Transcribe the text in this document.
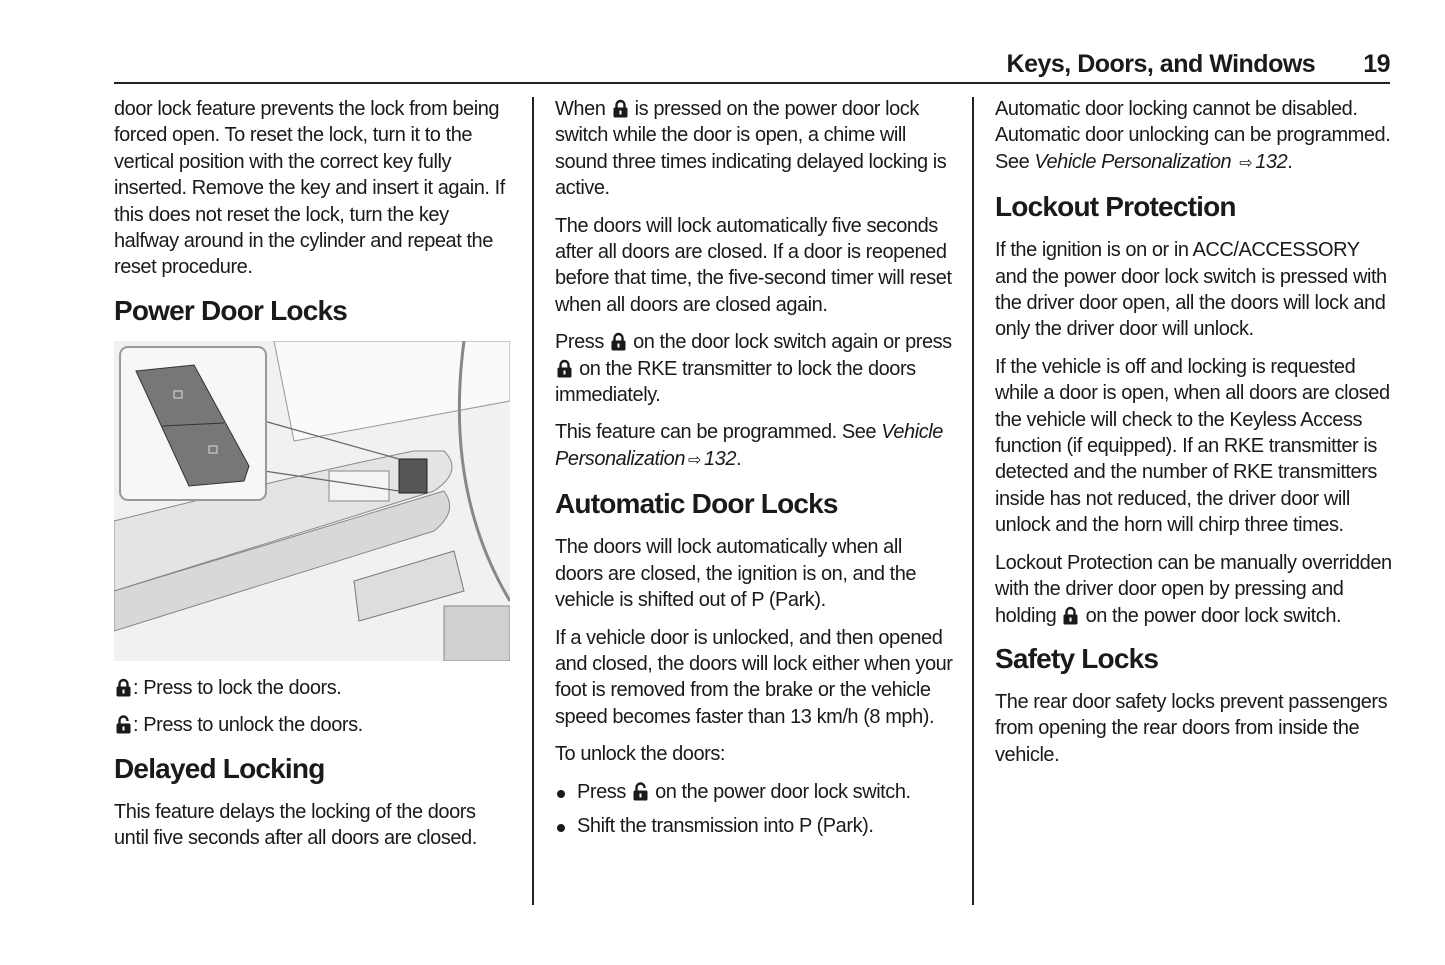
Keys, Doors, and Windows 19

door lock feature prevents the lock from being forced open. To reset the lock, turn it to the vertical position with the correct key fully inserted. Remove the key and insert it again. If this does not reset the lock, turn the key halfway around in the cylinder and repeat the reset procedure.

Power Door Locks

: Press to lock the doors.

: Press to unlock the doors.

Delayed Locking

This feature delays the locking of the doors until five seconds after all doors are closed.

When is pressed on the power door lock switch while the door is open, a chime will sound three times indicating delayed locking is active.

The doors will lock automatically five seconds after all doors are closed. If a door is reopened before that time, the five-second timer will reset when all doors are closed again.

Press on the door lock switch again or press  on the RKE transmitter to lock the doors immediately.

This feature can be programmed. See Vehicle Personalization ⇨ 132.

Automatic Door Locks

The doors will lock automatically when all doors are closed, the ignition is on, and the vehicle is shifted out of P (Park).

If a vehicle door is unlocked, and then opened and closed, the doors will lock either when your foot is removed from the brake or the vehicle speed becomes faster than 13 km/h (8 mph).

To unlock the doors:

Press on the power door lock switch.
Shift the transmission into P (Park).

Automatic door locking cannot be disabled. Automatic door unlocking can be programmed. See Vehicle Personalization ⇨ 132.

Lockout Protection

If the ignition is on or in ACC/ACCESSORY and the power door lock switch is pressed with the driver door open, all the doors will lock and only the driver door will unlock.

If the vehicle is off and locking is requested while a door is open, when all doors are closed the vehicle will check to the Keyless Access function (if equipped). If an RKE transmitter is detected and the number of RKE transmitters inside has not reduced, the driver door will unlock and the horn will chirp three times.

Lockout Protection can be manually overridden with the driver door open by pressing and holding on the power door lock switch.

Safety Locks

The rear door safety locks prevent passengers from opening the rear doors from inside the vehicle.
